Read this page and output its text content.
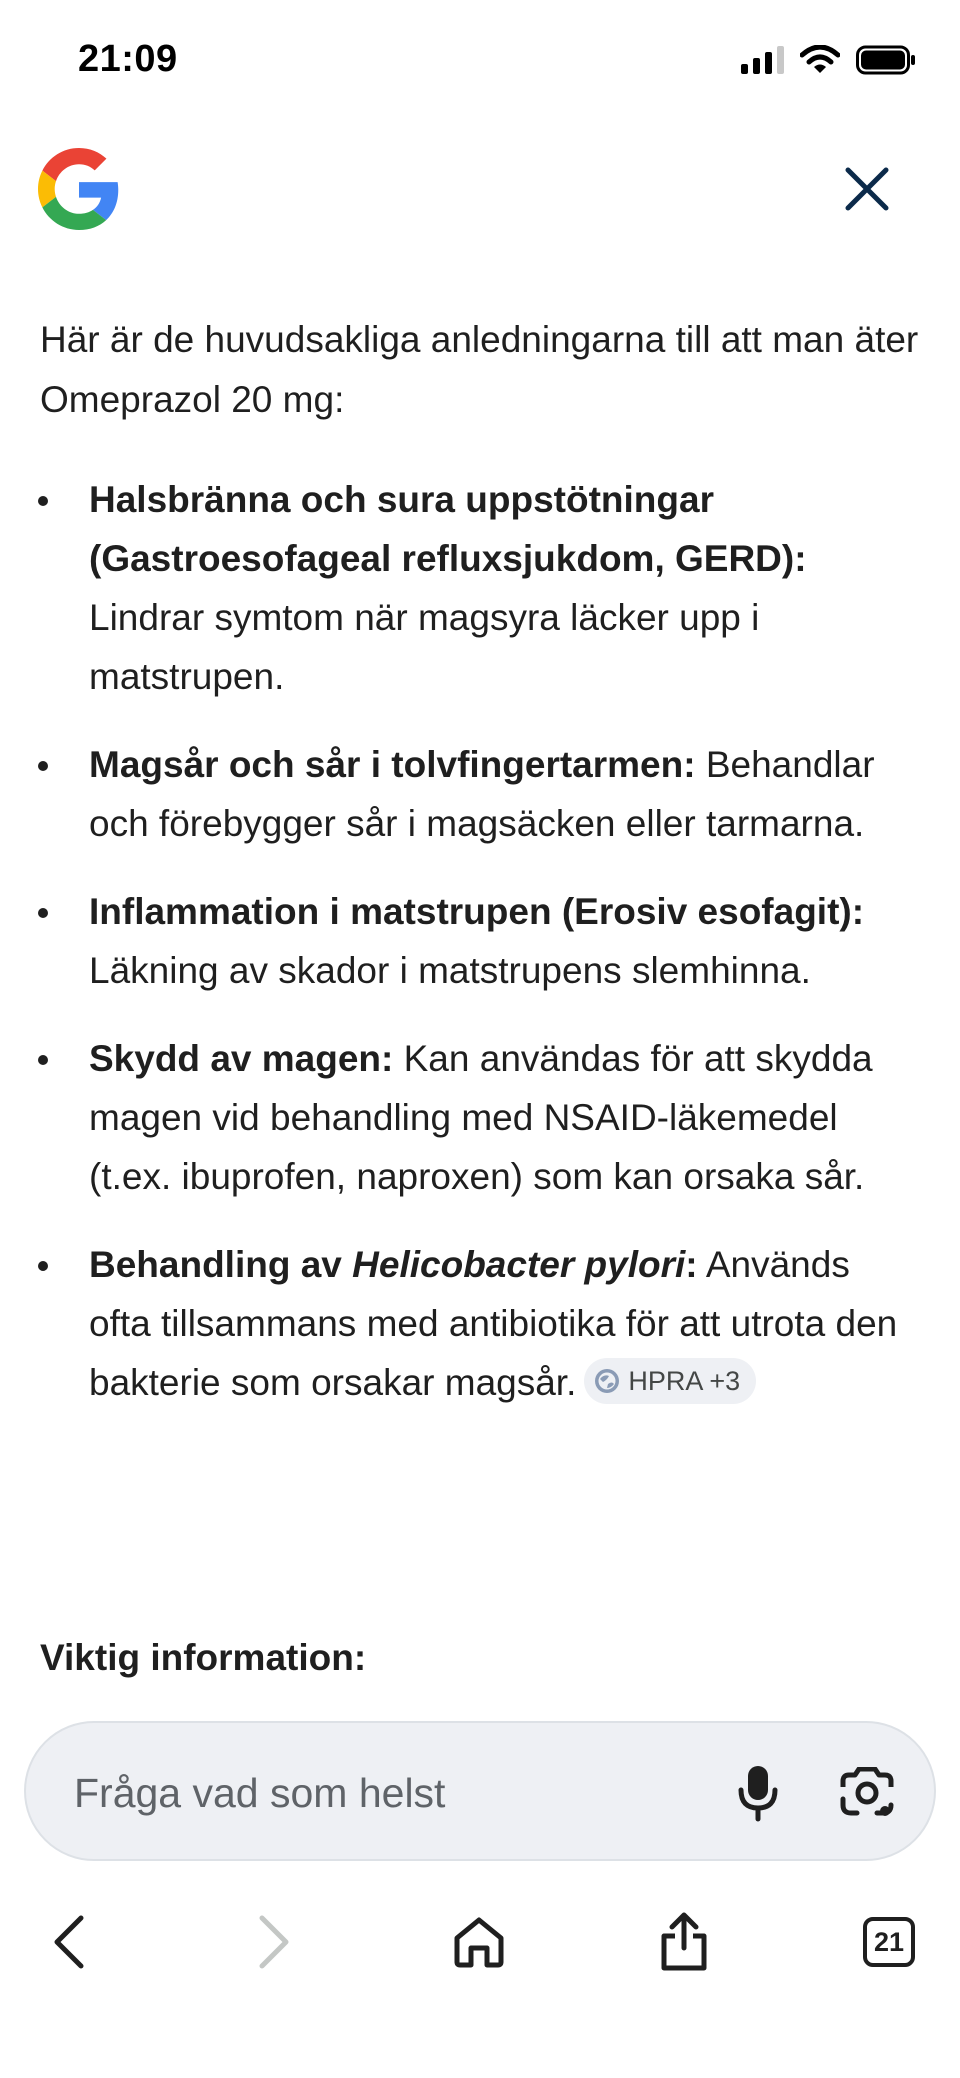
21:09

Här är de huvudsakliga anledningarna till att man äter Omeprazol 20 mg:

Halsbränna och sura uppstötningar (Gastroesofageal refluxsjukdom, GERD): Lindrar symtom när magsyra läcker upp i matstrupen.
Magsår och sår i tolvfingertarmen: Behandlar och förebygger sår i magsäcken eller tarmarna.
Inflammation i matstrupen (Erosiv esofagit): Läkning av skador i matstrupens slemhinna.
Skydd av magen: Kan användas för att skydda magen vid behandling med NSAID-läkemedel (t.ex. ibuprofen, naproxen) som kan orsaka sår.
Behandling av Helicobacter pylori: Används ofta tillsammans med antibiotika för att utrota den bakterie som orsakar magsår. HPRA +3
Viktig information:
Fråga vad som helst
21
